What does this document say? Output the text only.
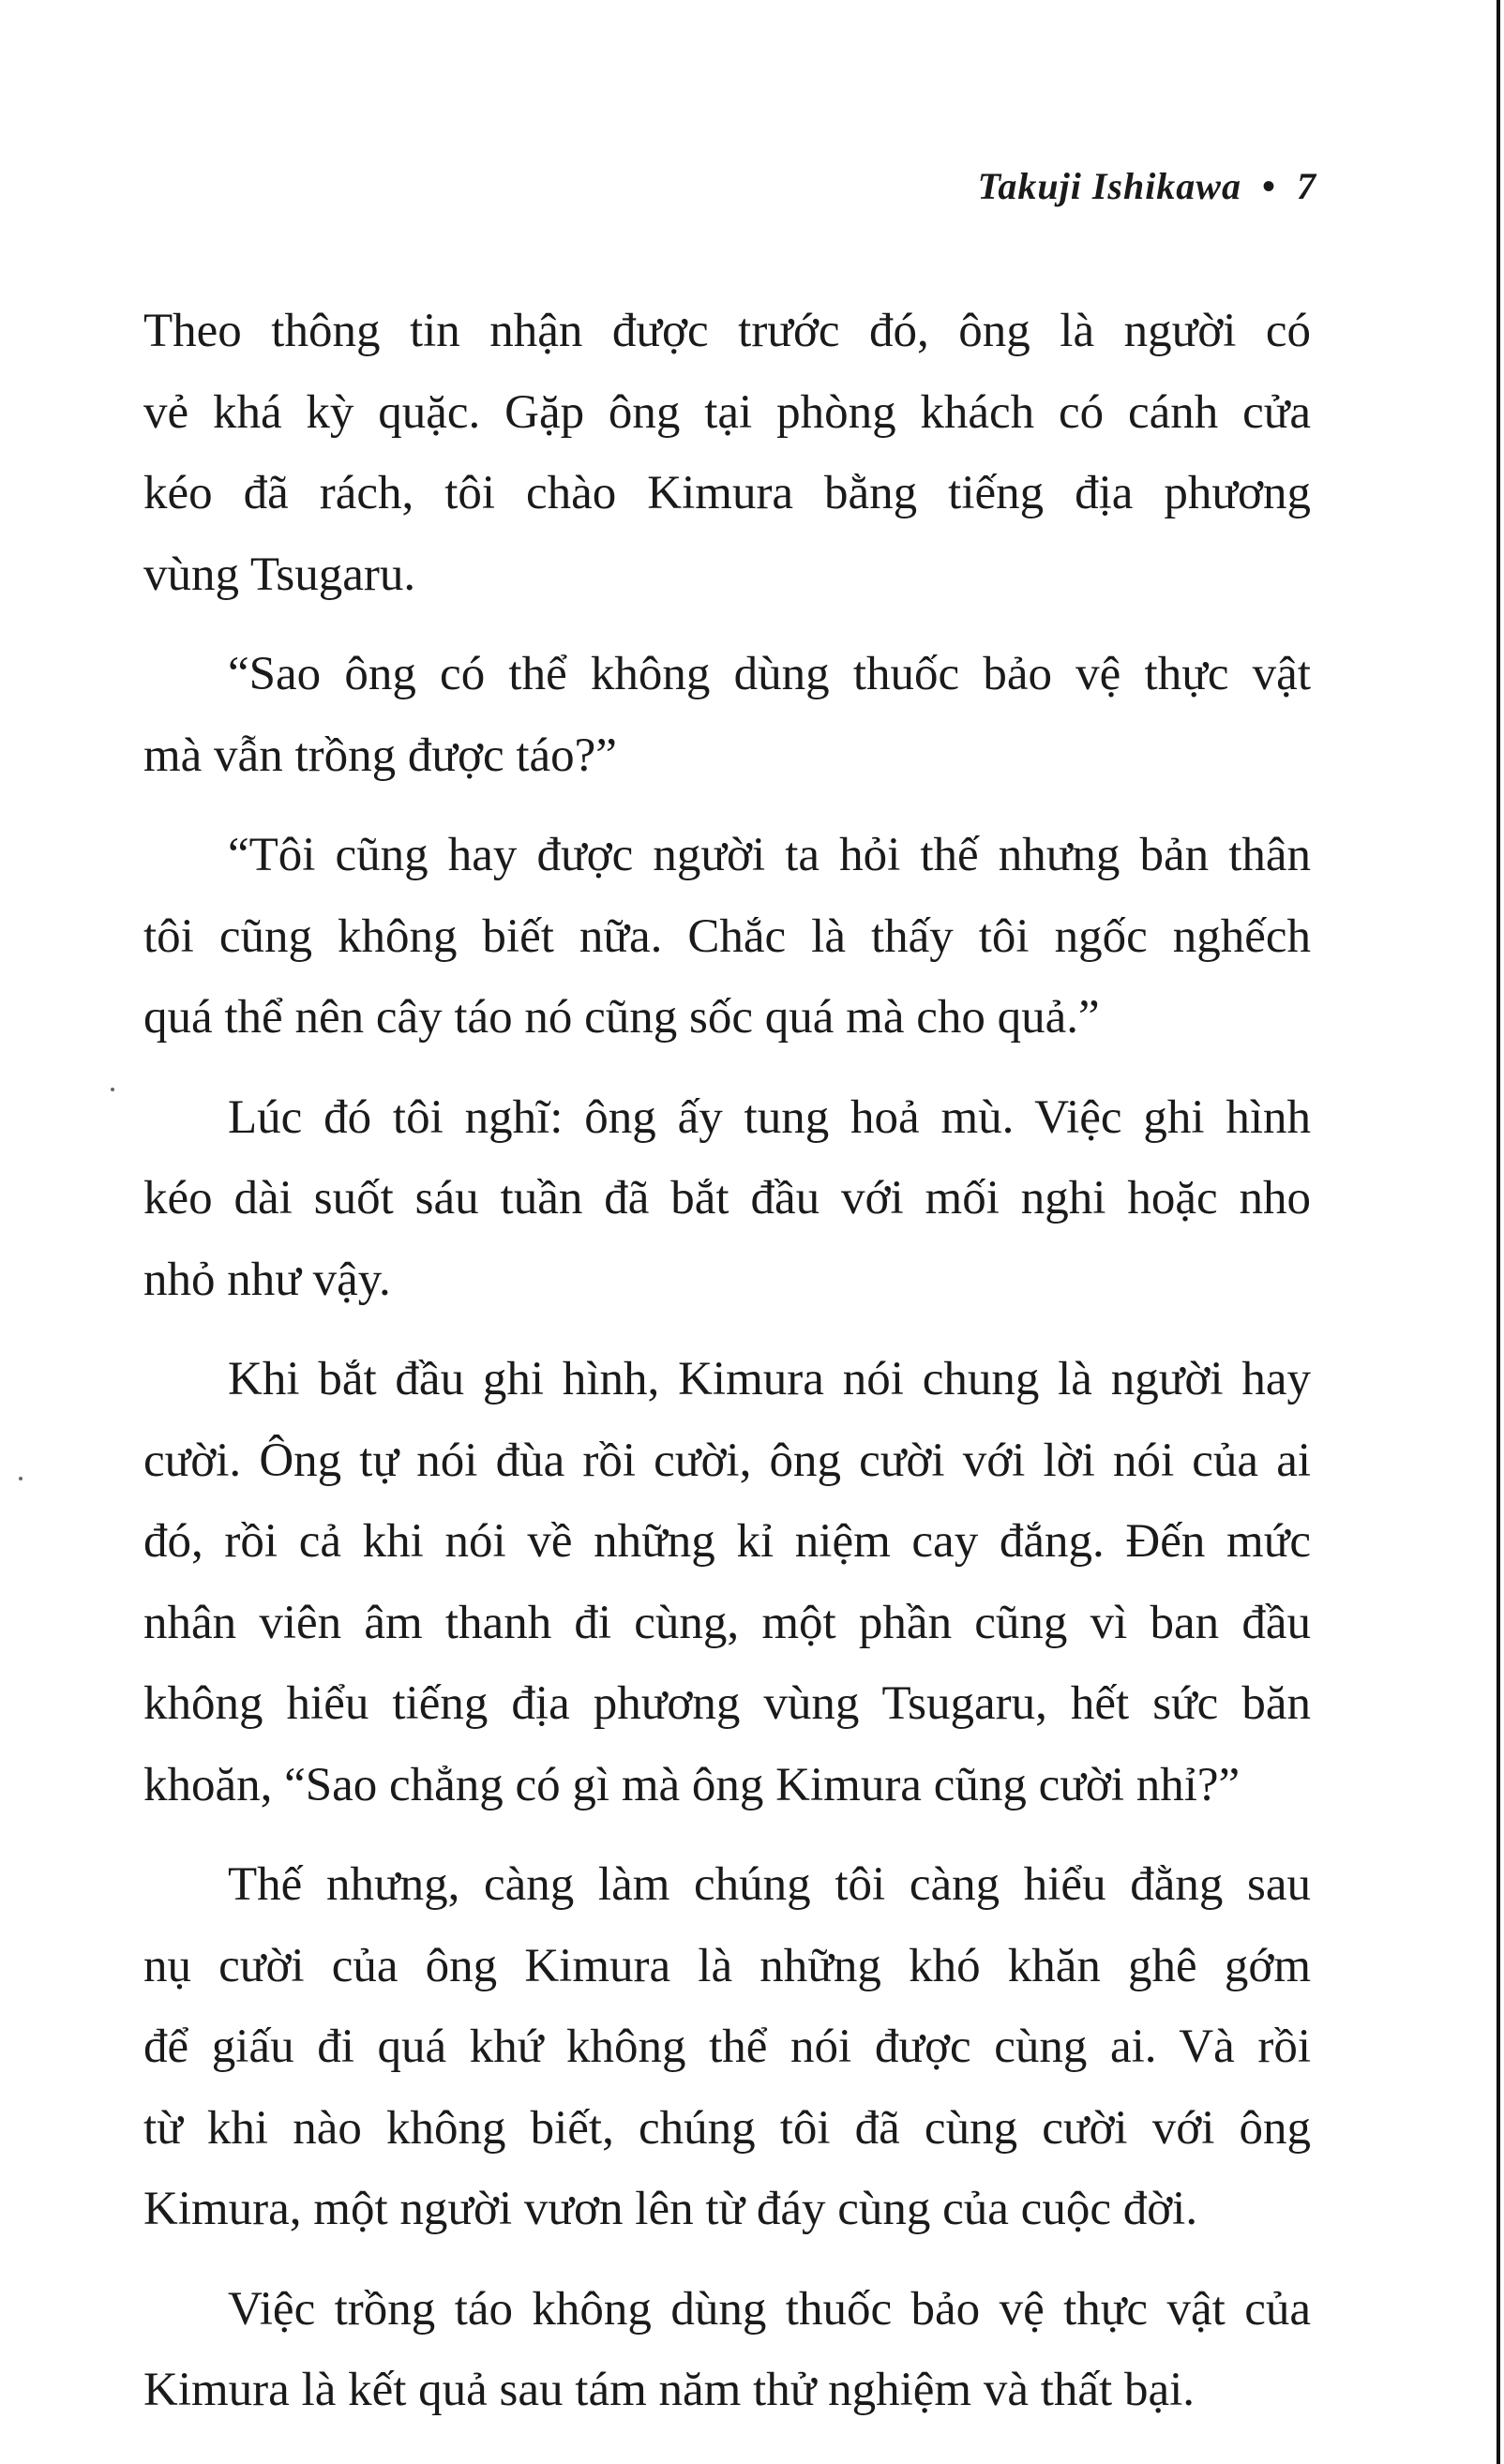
Takuji Ishikawa • 7
Theo thông tin nhận được trước đó, ông là người có
vẻ khá kỳ quặc. Gặp ông tại phòng khách có cánh cửa
kéo đã rách, tôi chào Kimura bằng tiếng địa phương
vùng Tsugaru.
“Sao ông có thể không dùng thuốc bảo vệ thực vật
mà vẫn trồng được táo?”
“Tôi cũng hay được người ta hỏi thế nhưng bản thân
tôi cũng không biết nữa. Chắc là thấy tôi ngốc nghếch
quá thể nên cây táo nó cũng sốc quá mà cho quả.”
Lúc đó tôi nghĩ: ông ấy tung hoả mù. Việc ghi hình
kéo dài suốt sáu tuần đã bắt đầu với mối nghi hoặc nho
nhỏ như vậy.
Khi bắt đầu ghi hình, Kimura nói chung là người hay
cười. Ông tự nói đùa rồi cười, ông cười với lời nói của ai
đó, rồi cả khi nói về những kỉ niệm cay đắng. Đến mức
nhân viên âm thanh đi cùng, một phần cũng vì ban đầu
không hiểu tiếng địa phương vùng Tsugaru, hết sức băn
khoăn, “Sao chẳng có gì mà ông Kimura cũng cười nhỉ?”
Thế nhưng, càng làm chúng tôi càng hiểu đằng sau
nụ cười của ông Kimura là những khó khăn ghê gớm
để giấu đi quá khứ không thể nói được cùng ai. Và rồi
từ khi nào không biết, chúng tôi đã cùng cười với ông
Kimura, một người vươn lên từ đáy cùng của cuộc đời.
Việc trồng táo không dùng thuốc bảo vệ thực vật của
Kimura là kết quả sau tám năm thử nghiệm và thất bại.
